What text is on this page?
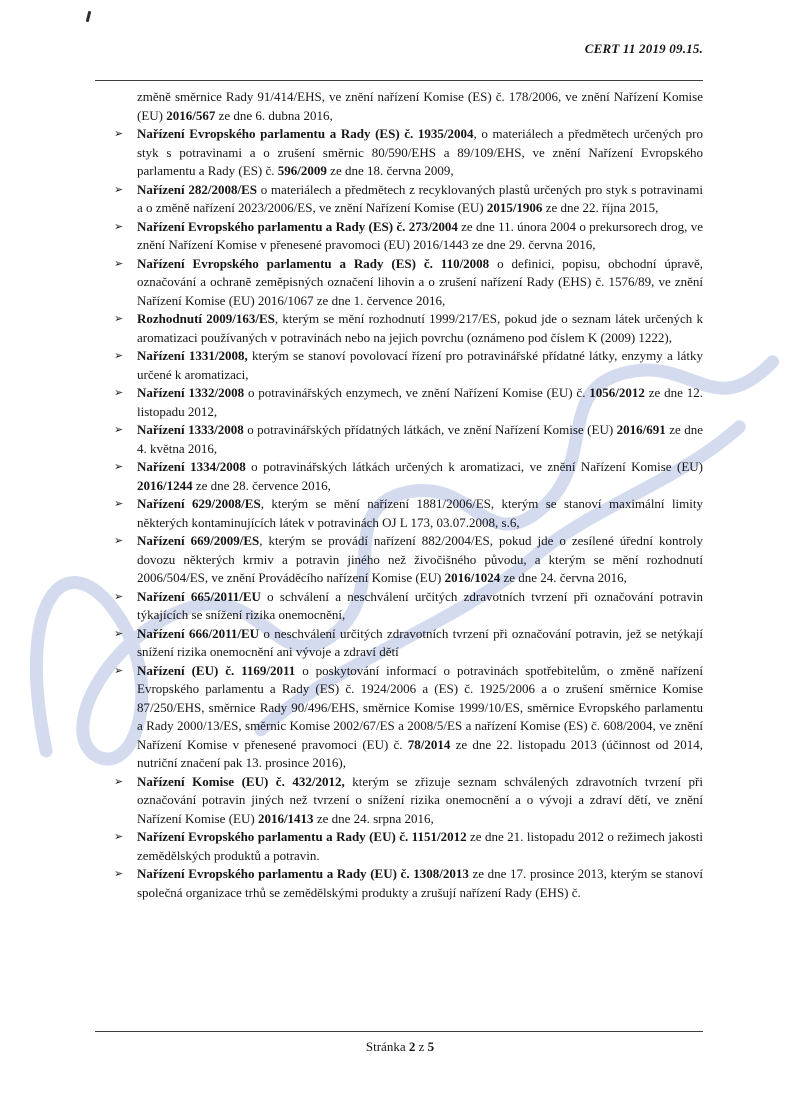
CERT 11 2019 09.15.

změně směrnice Rady 91/414/EHS, ve znění nařízení Komise (ES) č. 178/2006, ve znění Nařízení Komise (EU) 2016/567 ze dne 6. dubna 2016,

➢	Nařízení Evropského parlamentu a Rady (ES) č. 1935/2004, o materiálech a předmětech určených pro styk s potravinami a o zrušení směrnic 80/590/EHS a 89/109/EHS, ve znění Nařízení Evropského parlamentu a Rady (ES) č. 596/2009 ze dne 18. června 2009,
➢	Nařízení 282/2008/ES o materiálech a předmětech z recyklovaných plastů určených pro styk s potravinami a o změně nařízení 2023/2006/ES, ve znění Nařízení Komise (EU) 2015/1906 ze dne 22. října 2015,
➢	Nařízení Evropského parlamentu a Rady (ES) č. 273/2004 ze dne 11. února 2004 o prekursorech drog, ve znění Nařízení Komise v přenesené pravomoci (EU) 2016/1443 ze dne 29. června 2016,
➢	Nařízení Evropského parlamentu a Rady (ES) č. 110/2008 o definici, popisu, obchodní úpravě, označování a ochraně zeměpisných označení lihovin a o zrušení nařízení Rady (EHS) č. 1576/89, ve znění Nařízení Komise (EU) 2016/1067 ze dne 1. července 2016,
➢	Rozhodnutí 2009/163/ES, kterým se mění rozhodnutí 1999/217/ES, pokud jde o seznam látek určených k aromatizaci používaných v potravinách nebo na jejich povrchu (oznámeno pod číslem K (2009) 1222),
➢	Nařízení 1331/2008, kterým se stanoví povolovací řízení pro potravinářské přídatné látky, enzymy a látky určené k aromatizaci,
➢	Nařízení 1332/2008 o potravinářských enzymech, ve znění Nařízení Komise (EU) č. 1056/2012 ze dne 12. listopadu 2012,
➢	Nařízení 1333/2008 o potravinářských přídatných látkách, ve znění Nařízení Komise (EU) 2016/691 ze dne 4. května 2016,
➢	Nařízení 1334/2008 o potravinářských látkách určených k aromatizaci, ve znění Nařízení Komise (EU) 2016/1244 ze dne 28. července 2016,
➢	Nařízení 629/2008/ES, kterým se mění nařízení 1881/2006/ES, kterým se stanoví maximální limity některých kontaminujících látek v potravinách OJ L 173, 03.07.2008, s.6,
➢	Nařízení 669/2009/ES, kterým se provádí nařízení 882/2004/ES, pokud jde o zesílené úřední kontroly dovozu některých krmiv a potravin jiného než živočišného původu, a kterým se mění rozhodnutí 2006/504/ES, ve znění Prováděcího nařízení Komise (EU) 2016/1024 ze dne 24. června 2016,
➢	Nařízení 665/2011/EU o schválení a neschválení určitých zdravotních tvrzení při označování potravin týkajících se snížení rizika onemocnění,
➢	Nařízení 666/2011/EU o neschválení určitých zdravotních tvrzení při označování potravin, jež se netýkají snížení rizika onemocnění ani vývoje a zdraví dětí
➢	Nařízení (EU) č. 1169/2011 o poskytování informací o potravinách spotřebitelům, o změně nařízení Evropského parlamentu a Rady (ES) č. 1924/2006 a (ES) č. 1925/2006 a o zrušení směrnice Komise 87/250/EHS, směrnice Rady 90/496/EHS, směrnice Komise 1999/10/ES, směrnice Evropského parlamentu a Rady 2000/13/ES, směrnic Komise 2002/67/ES a 2008/5/ES a nařízení Komise (ES) č. 608/2004, ve znění Nařízení Komise v přenesené pravomoci (EU) č. 78/2014 ze dne 22. listopadu 2013 (účinnost od 2014, nutriční značení pak 13. prosince 2016),
➢	Nařízení Komise (EU) č. 432/2012, kterým se zřizuje seznam schválených zdravotních tvrzení při označování potravin jiných než tvrzení o snížení rizika onemocnění a o vývoji a zdraví dětí, ve znění Nařízení Komise (EU) 2016/1413 ze dne 24. srpna 2016,
➢	Nařízení Evropského parlamentu a Rady (EU) č. 1151/2012 ze dne 21. listopadu 2012 o režimech jakosti zemědělských produktů a potravin.
➢	Nařízení Evropského parlamentu a Rady (EU) č. 1308/2013 ze dne 17. prosince 2013, kterým se stanoví společná organizace trhů se zemědělskými produkty a zrušují nařízení Rady (EHS) č.
Stránka 2 z 5
